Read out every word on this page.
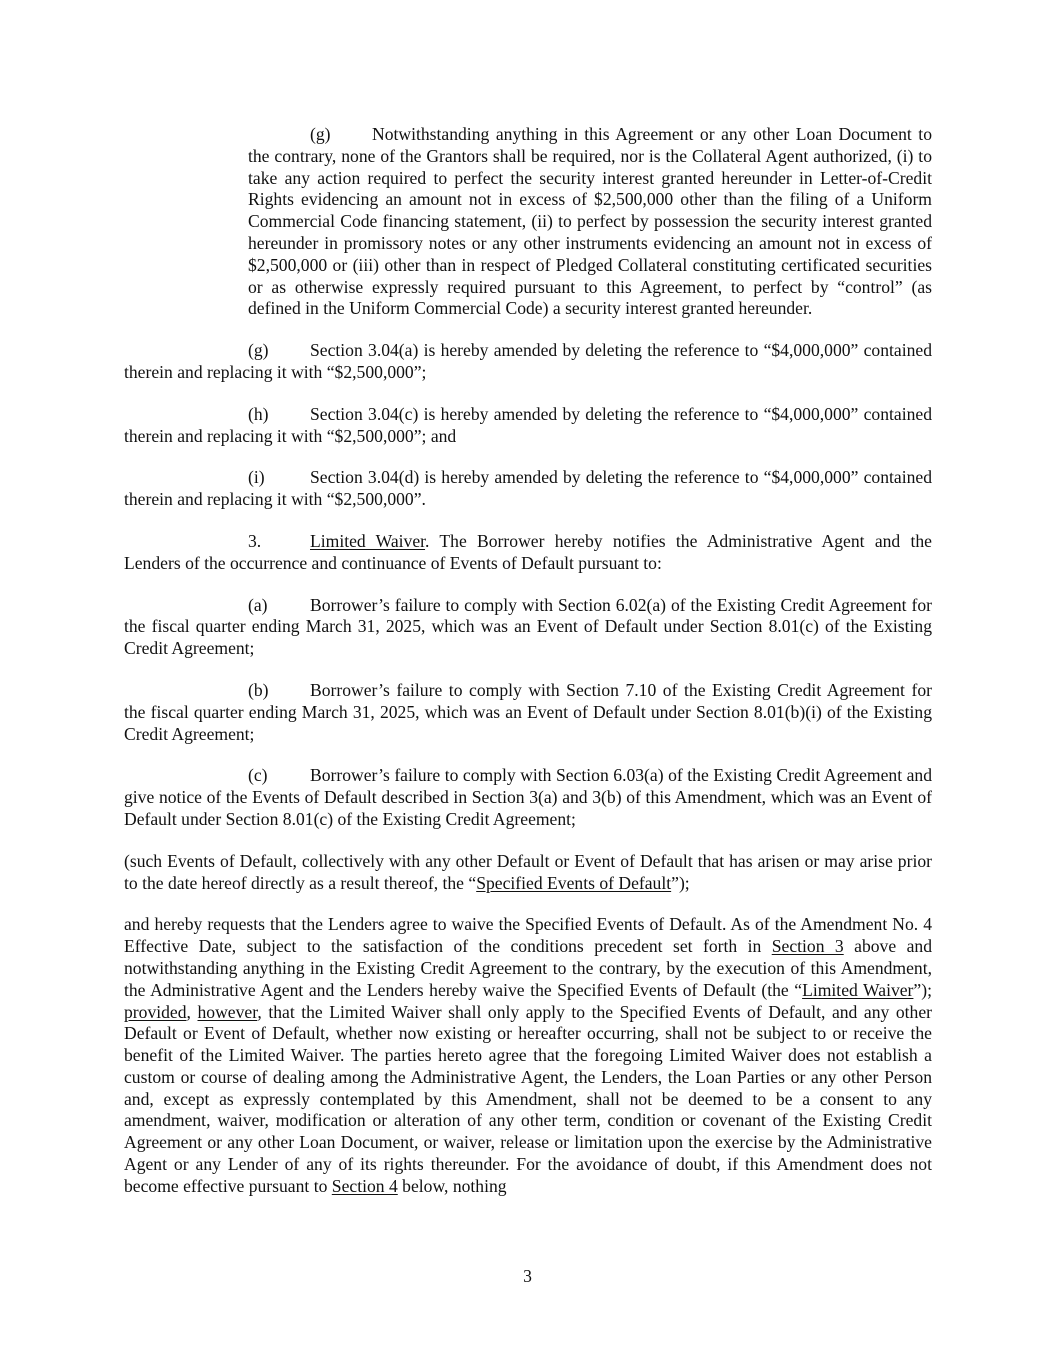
(g) Notwithstanding anything in this Agreement or any other Loan Document to the contrary, none of the Grantors shall be required, nor is the Collateral Agent authorized, (i) to take any action required to perfect the security interest granted hereunder in Letter-of-Credit Rights evidencing an amount not in excess of $2,500,000 other than the filing of a Uniform Commercial Code financing statement, (ii) to perfect by possession the security interest granted hereunder in promissory notes or any other instruments evidencing an amount not in excess of $2,500,000 or (iii) other than in respect of Pledged Collateral constituting certificated securities or as otherwise expressly required pursuant to this Agreement, to perfect by “control” (as defined in the Uniform Commercial Code) a security interest granted hereunder.

(g) Section 3.04(a) is hereby amended by deleting the reference to “$4,000,000” contained therein and replacing it with “$2,500,000”;

(h) Section 3.04(c) is hereby amended by deleting the reference to “$4,000,000” contained therein and replacing it with “$2,500,000”; and

(i)	Section 3.04(d) is hereby amended by deleting the reference to “$4,000,000” contained therein and replacing it with “$2,500,000”.

3.	Limited Waiver. The Borrower hereby notifies the Administrative Agent and the Lenders of the occurrence and continuance of Events of Default pursuant to:

(a) Borrower’s failure to comply with Section 6.02(a) of the Existing Credit Agreement for the fiscal quarter ending March 31, 2025, which was an Event of Default under Section 8.01(c) of the Existing Credit Agreement;

(b) Borrower’s failure to comply with Section 7.10 of the Existing Credit Agreement for the fiscal quarter ending March 31, 2025, which was an Event of Default under Section 8.01(b)(i) of the Existing Credit Agreement;

(c) Borrower’s failure to comply with Section 6.03(a) of the Existing Credit Agreement and give notice of the Events of Default described in Section 3(a) and 3(b) of this Amendment, which was an Event of Default under Section 8.01(c) of the Existing Credit Agreement;

(such Events of Default, collectively with any other Default or Event of Default that has arisen or may arise prior to the date hereof directly as a result thereof, the “Specified Events of Default”);

and hereby requests that the Lenders agree to waive the Specified Events of Default. As of the Amendment No. 4 Effective Date, subject to the satisfaction of the conditions precedent set forth in Section 3 above and notwithstanding anything in the Existing Credit Agreement to the contrary, by the execution of this Amendment, the Administrative Agent and the Lenders hereby waive the Specified Events of Default (the “Limited Waiver”); provided, however, that the Limited Waiver shall only apply to the Specified Events of Default, and any other Default or Event of Default, whether now existing or hereafter occurring, shall not be subject to or receive the benefit of the Limited Waiver. The parties hereto agree that the foregoing Limited Waiver does not establish a custom or course of dealing among the Administrative Agent, the Lenders, the Loan Parties or any other Person and, except as expressly contemplated by this Amendment, shall not be deemed to be a consent to any amendment, waiver, modification or alteration of any other term, condition or covenant of the Existing Credit Agreement or any other Loan Document, or waiver, release or limitation upon the exercise by the Administrative Agent or any Lender of any of its rights thereunder. For the avoidance of doubt, if this Amendment does not become effective pursuant to Section 4 below, nothing

3
